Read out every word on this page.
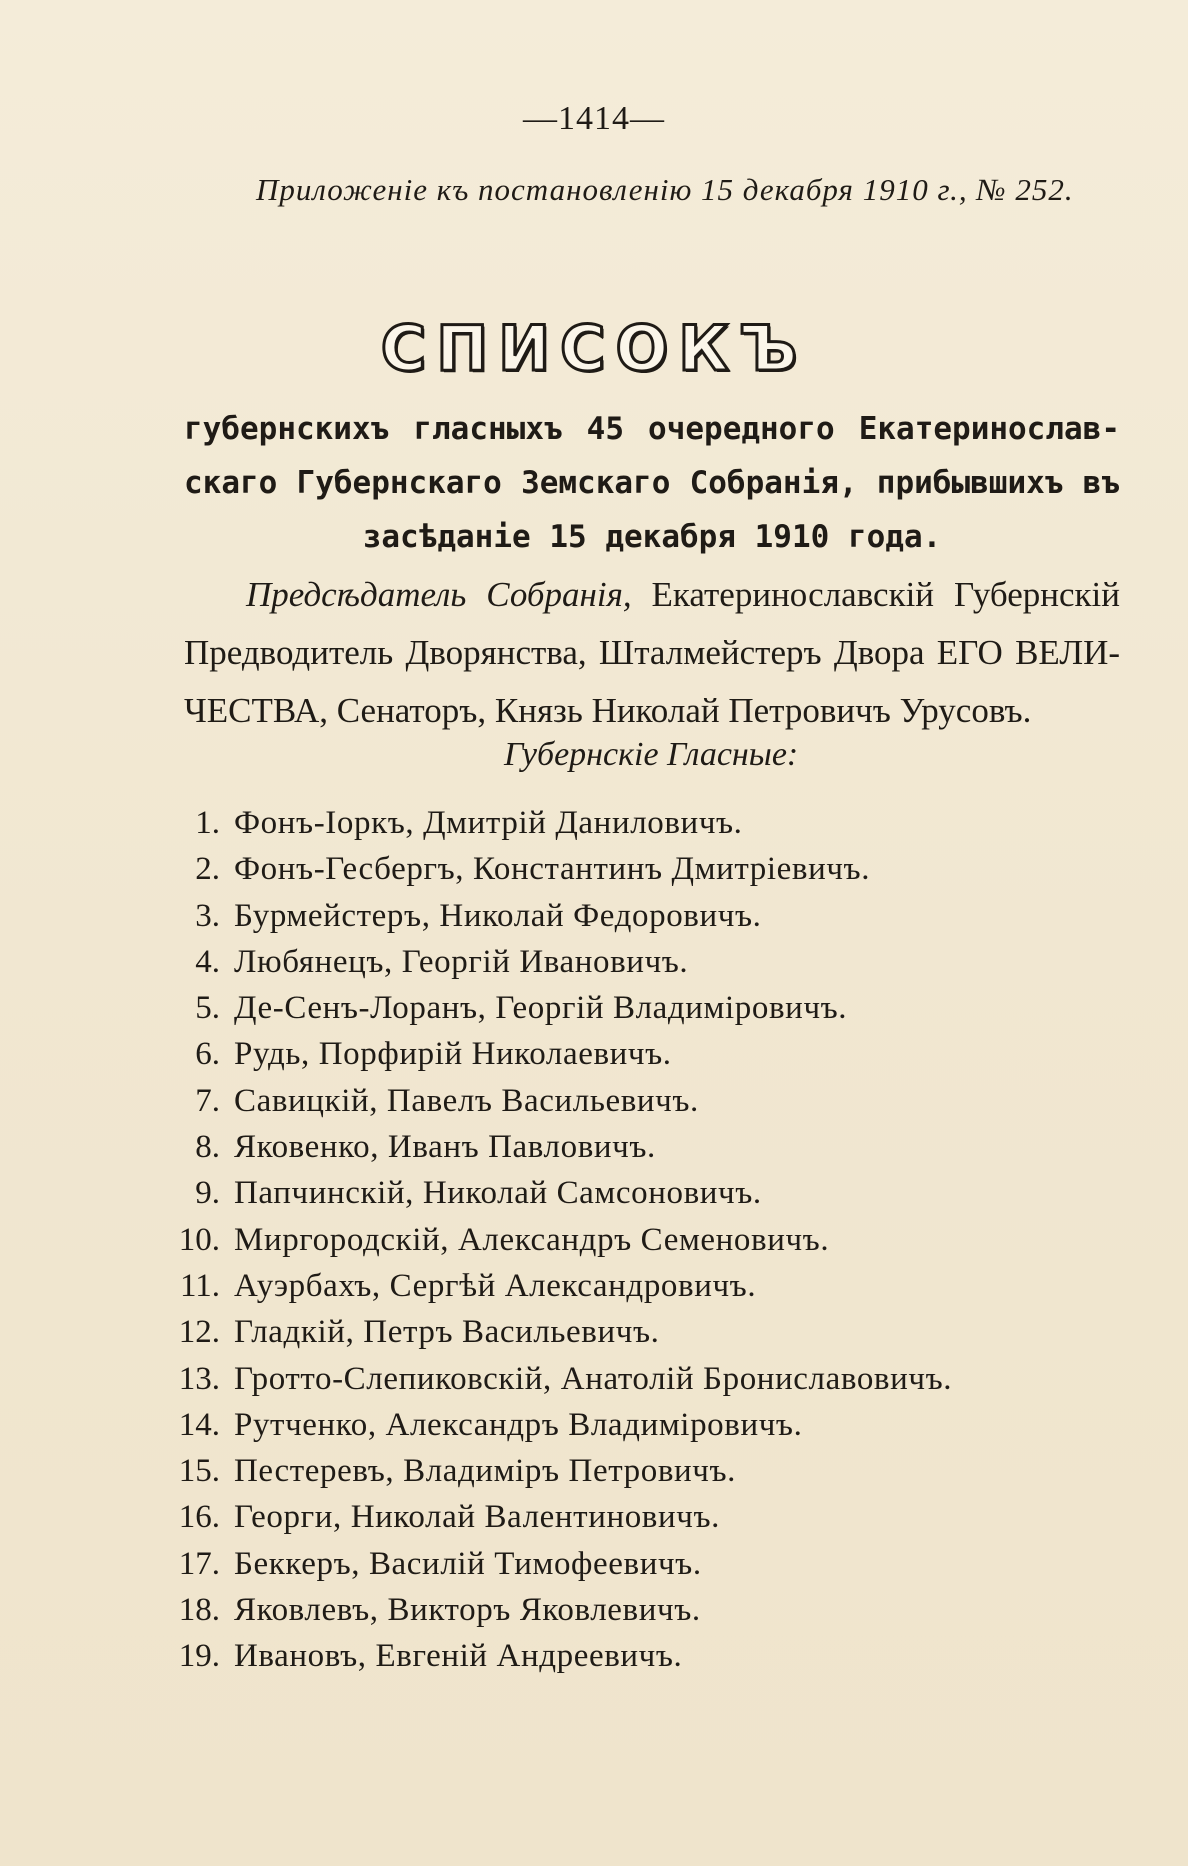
—1414—
Приложеніе къ постановленію 15 декабря 1910 г., № 252.
СПИСОКЪ
губернскихъ гласныхъ 45 очередного Екатеринослав-
скаго Губернскаго Земскаго Собранія, прибывшихъ въ
засѣданіе 15 декабря 1910 года.
Предсѣдатель Собранія, Екатеринославскій Губернскій
Предводитель Дворянства, Шталмейстеръ Двора ЕГО ВЕЛИ-
ЧЕСТВА, Сенаторъ, Князь Николай Петровичъ Урусовъ.
Губернскіе Гласные:
1. Фонъ-Іоркъ, Дмитрій Даниловичъ.
2. Фонъ-Гесбергъ, Константинъ Дмитріевичъ.
3. Бурмейстеръ, Николай Федоровичъ.
4. Любянецъ, Георгій Ивановичъ.
5. Де-Сенъ-Лоранъ, Георгій Владиміровичъ.
6. Рудь, Порфирій Николаевичъ.
7. Савицкій, Павелъ Васильевичъ.
8. Яковенко, Иванъ Павловичъ.
9. Папчинскій, Николай Самсоновичъ.
10. Миргородскій, Александръ Семеновичъ.
11. Ауэрбахъ, Сергѣй Александровичъ.
12. Гладкій, Петръ Васильевичъ.
13. Гротто-Слепиковскій, Анатолій Брониславовичъ.
14. Рутченко, Александръ Владиміровичъ.
15. Пестеревъ, Владиміръ Петровичъ.
16. Георги, Николай Валентиновичъ.
17. Беккеръ, Василій Тимофеевичъ.
18. Яковлевъ, Викторъ Яковлевичъ.
19. Ивановъ, Евгеній Андреевичъ.
